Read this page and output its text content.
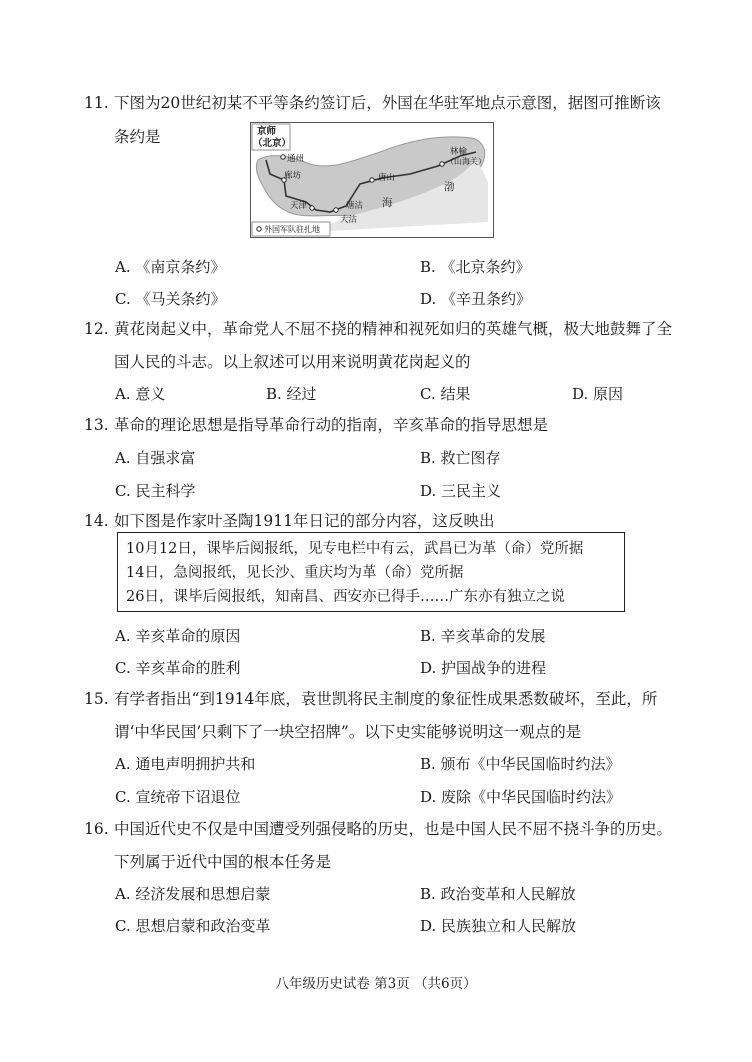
11. 下图为20世纪初某不平等条约签订后，外国在华驻军地点示意图，据图可推断该
条约是	京师
（北京）
通州
廊坊
天津	塘沽
大沽
唐山
林榆
（山海关）
渤
海
外国军队驻扎地
A. 《南京条约》	B. 《北京条约》
C. 《马关条约》	D. 《辛丑条约》
12. 黄花岗起义中，革命党人不屈不挠的精神和视死如归的英雄气概，极大地鼓舞了全
国人民的斗志。以上叙述可以用来说明黄花岗起义的
A. 意义	B. 经过	C. 结果	D. 原因
13. 革命的理论思想是指导革命行动的指南，辛亥革命的指导思想是
A. 自强求富	B. 救亡图存
C. 民主科学	D. 三民主义
14. 如下图是作家叶圣陶1911年日记的部分内容，这反映出
10月12日，课毕后阅报纸，见专电栏中有云，武昌已为革（命）党所据
14日，急阅报纸，见长沙、重庆均为革（命）党所据
26日，课毕后阅报纸，知南昌、西安亦已得手……广东亦有独立之说
A. 辛亥革命的原因	B. 辛亥革命的发展
C. 辛亥革命的胜利	D. 护国战争的进程
15. 有学者指出“到1914年底，袁世凯将民主制度的象征性成果悉数破坏，至此，所
谓‘中华民国’只剩下了一块空招牌”。以下史实能够说明这一观点的是
A. 通电声明拥护共和	B. 颁布《中华民国临时约法》
C. 宣统帝下诏退位	D. 废除《中华民国临时约法》
16. 中国近代史不仅是中国遭受列强侵略的历史，也是中国人民不屈不挠斗争的历史。
下列属于近代中国的根本任务是
A. 经济发展和思想启蒙	B. 政治变革和人民解放
C. 思想启蒙和政治变革	D. 民族独立和人民解放
八年级历史试卷 第3页 （共6页）
